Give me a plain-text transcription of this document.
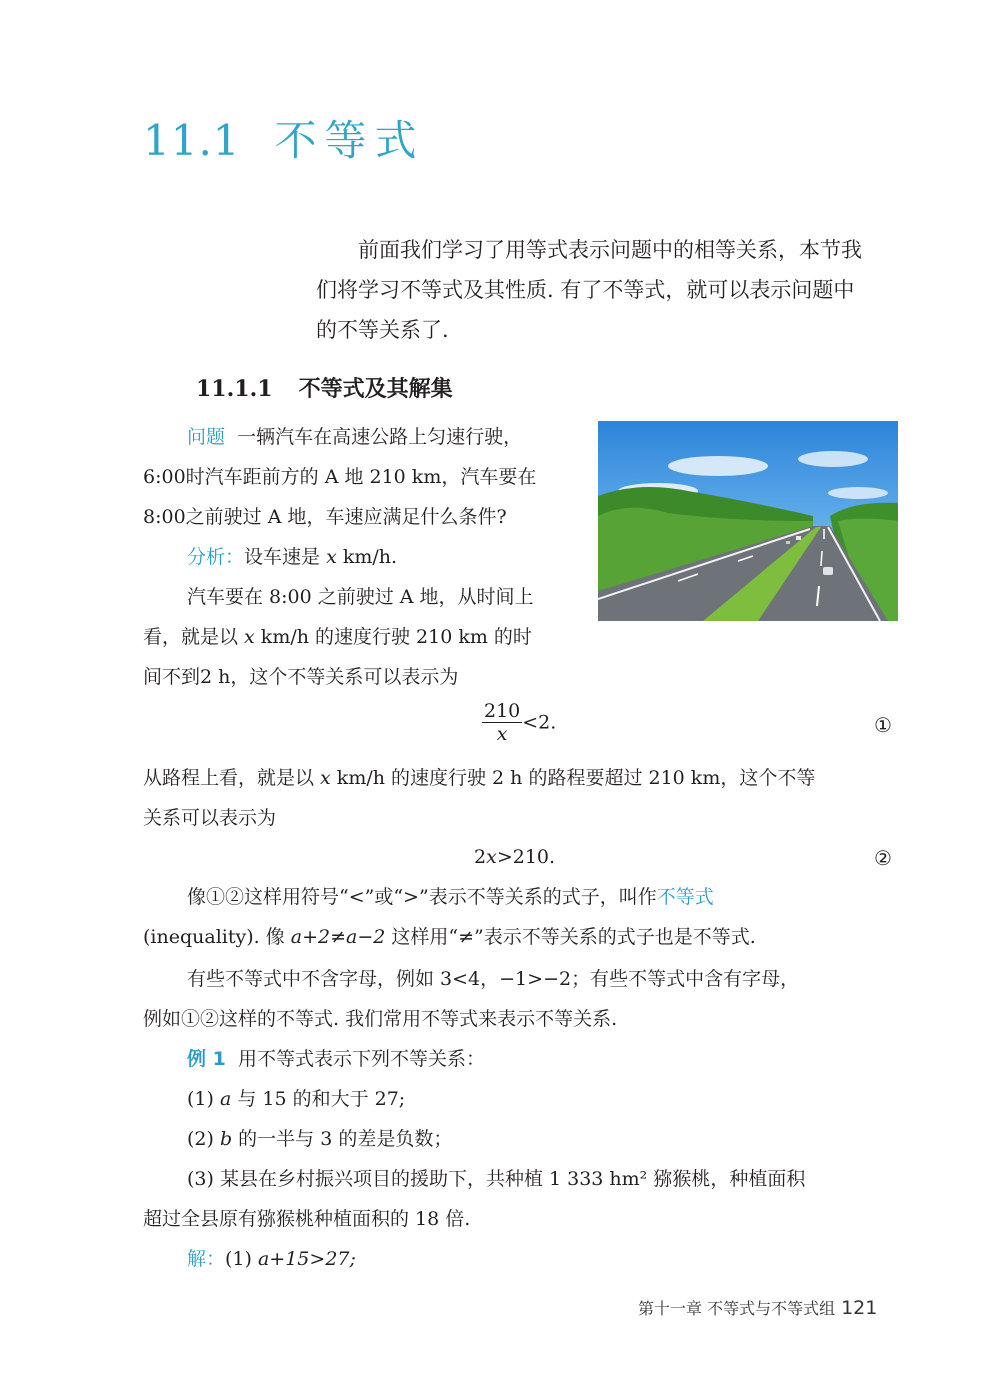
11.1 不等式

前面我们学习了用等式表示问题中的相等关系，本节我

们将学习不等式及其性质. 有了不等式，就可以表示问题中

的不等关系了.

11.1.1 不等式及其解集

问题 一辆汽车在高速公路上匀速行驶，

6:00时汽车距前方的 A 地 210 km，汽车要在

8:00之前驶过 A 地，车速应满足什么条件?

分析：设车速是 x km/h.

汽车要在 8:00 之前驶过 A 地，从时间上

看，就是以 x km/h 的速度行驶 210 km 的时

间不到2 h，这个不等关系可以表示为

$\frac{210}{x} <2$.	①

从路程上看，就是以 x km/h 的速度行驶 2 h 的路程要超过 210 km，这个不等

关系可以表示为

2x>210.	②

像①②这样用符号“<”或“>”表示不等关系的式子，叫作不等式

(inequality). 像 a+2≠a−2 这样用“≠”表示不等关系的式子也是不等式.

有些不等式中不含字母，例如 3<4，−1>−2；有些不等式中含有字母，

例如①②这样的不等式. 我们常用不等式来表示不等关系.

例 1 用不等式表示下列不等关系：

(1) a 与 15 的和大于 27;

(2) b 的一半与 3 的差是负数；

(3) 某县在乡村振兴项目的援助下，共种植 1 333 hm² 猕猴桃，种植面积

超过全县原有猕猴桃种植面积的 18 倍.

解：(1) a+15>27;

第十一章 不等式与不等式组 121
